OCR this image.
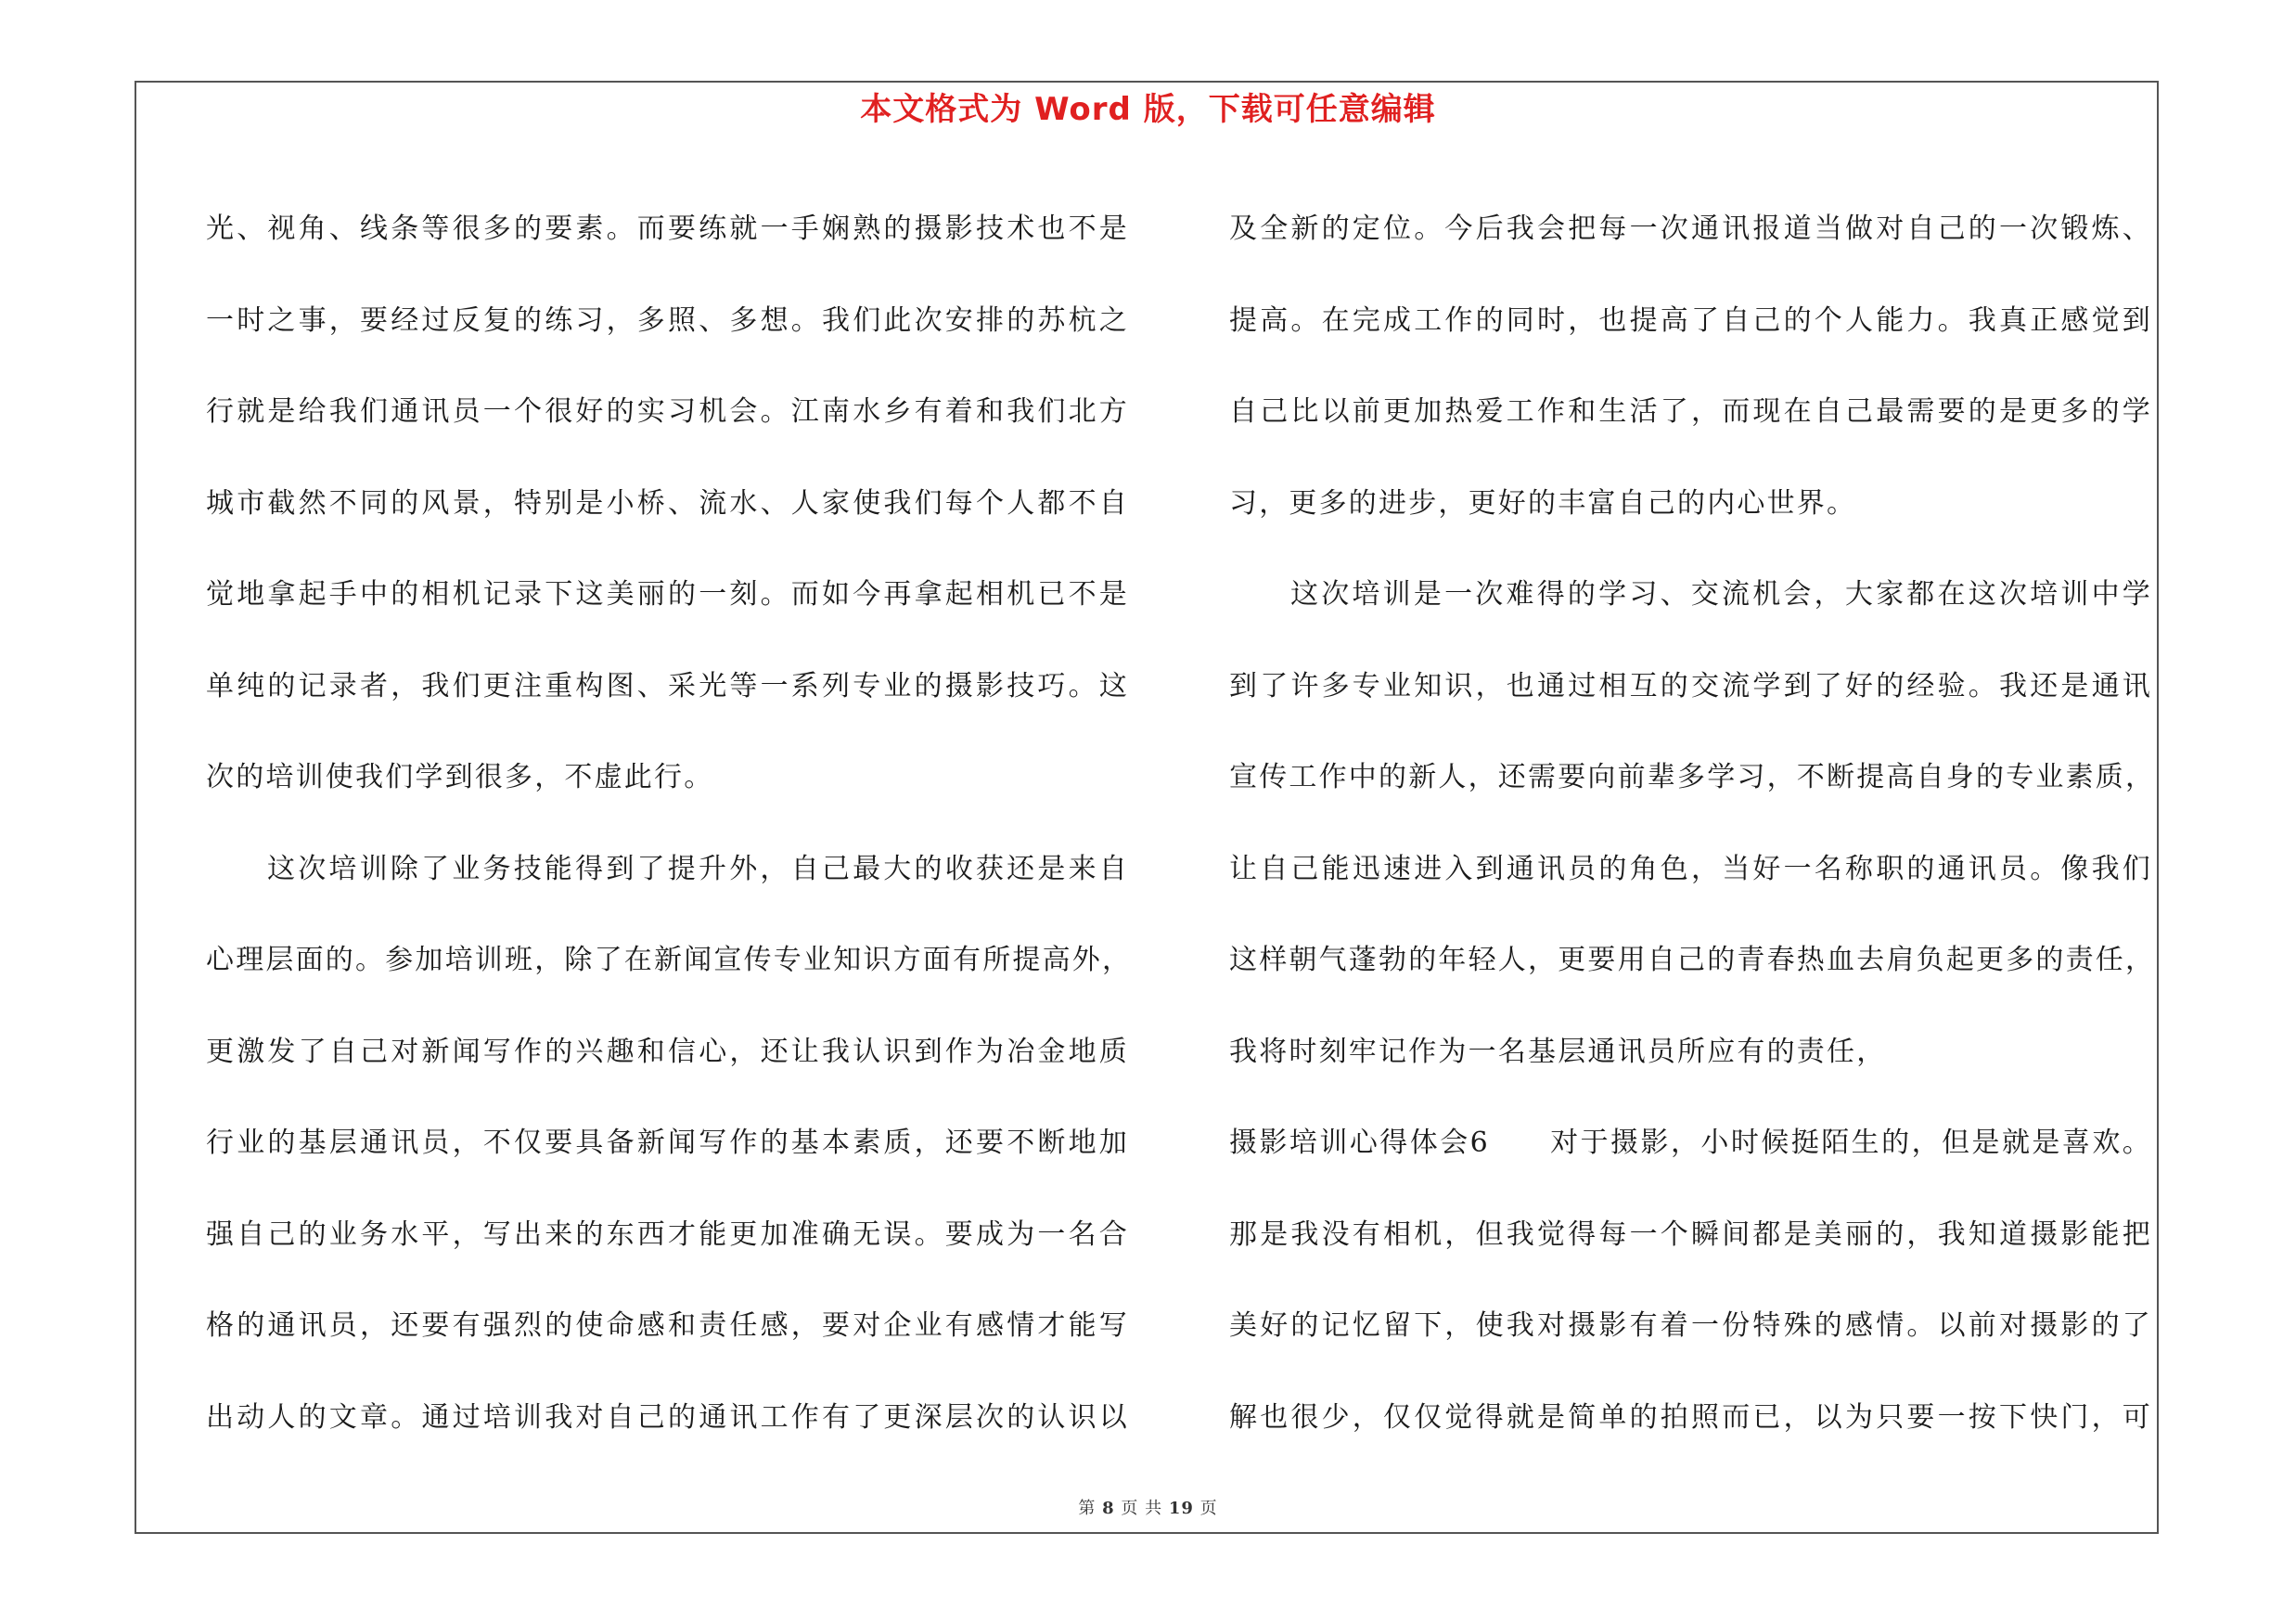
本文格式为 Word 版，下载可任意编辑
光、视角、线条等很多的要素。而要练就一手娴熟的摄影技术也不是
一时之事，要经过反复的练习，多照、多想。我们此次安排的苏杭之
行就是给我们通讯员一个很好的实习机会。江南水乡有着和我们北方
城市截然不同的风景，特别是小桥、流水、人家使我们每个人都不自
觉地拿起手中的相机记录下这美丽的一刻。而如今再拿起相机已不是
单纯的记录者，我们更注重构图、采光等一系列专业的摄影技巧。这
次的培训使我们学到很多，不虚此行。
这次培训除了业务技能得到了提升外，自己最大的收获还是来自
心理层面的。参加培训班，除了在新闻宣传专业知识方面有所提高外，
更激发了自己对新闻写作的兴趣和信心，还让我认识到作为冶金地质
行业的基层通讯员，不仅要具备新闻写作的基本素质，还要不断地加
强自己的业务水平，写出来的东西才能更加准确无误。要成为一名合
格的通讯员，还要有强烈的使命感和责任感，要对企业有感情才能写
出动人的文章。通过培训我对自己的通讯工作有了更深层次的认识以
及全新的定位。今后我会把每一次通讯报道当做对自己的一次锻炼、
提高。在完成工作的同时，也提高了自己的个人能力。我真正感觉到
自己比以前更加热爱工作和生活了，而现在自己最需要的是更多的学
习，更多的进步，更好的丰富自己的内心世界。
这次培训是一次难得的学习、交流机会，大家都在这次培训中学
到了许多专业知识，也通过相互的交流学到了好的经验。我还是通讯
宣传工作中的新人，还需要向前辈多学习，不断提高自身的专业素质，
让自己能迅速进入到通讯员的角色，当好一名称职的通讯员。像我们
这样朝气蓬勃的年轻人，更要用自己的青春热血去肩负起更多的责任，
我将时刻牢记作为一名基层通讯员所应有的责任，
摄影培训心得体会6　　对于摄影，小时候挺陌生的，但是就是喜欢。
那是我没有相机，但我觉得每一个瞬间都是美丽的，我知道摄影能把
美好的记忆留下，使我对摄影有着一份特殊的感情。以前对摄影的了
解也很少，仅仅觉得就是简单的拍照而已，以为只要一按下快门，可
第 8 页 共 19 页
